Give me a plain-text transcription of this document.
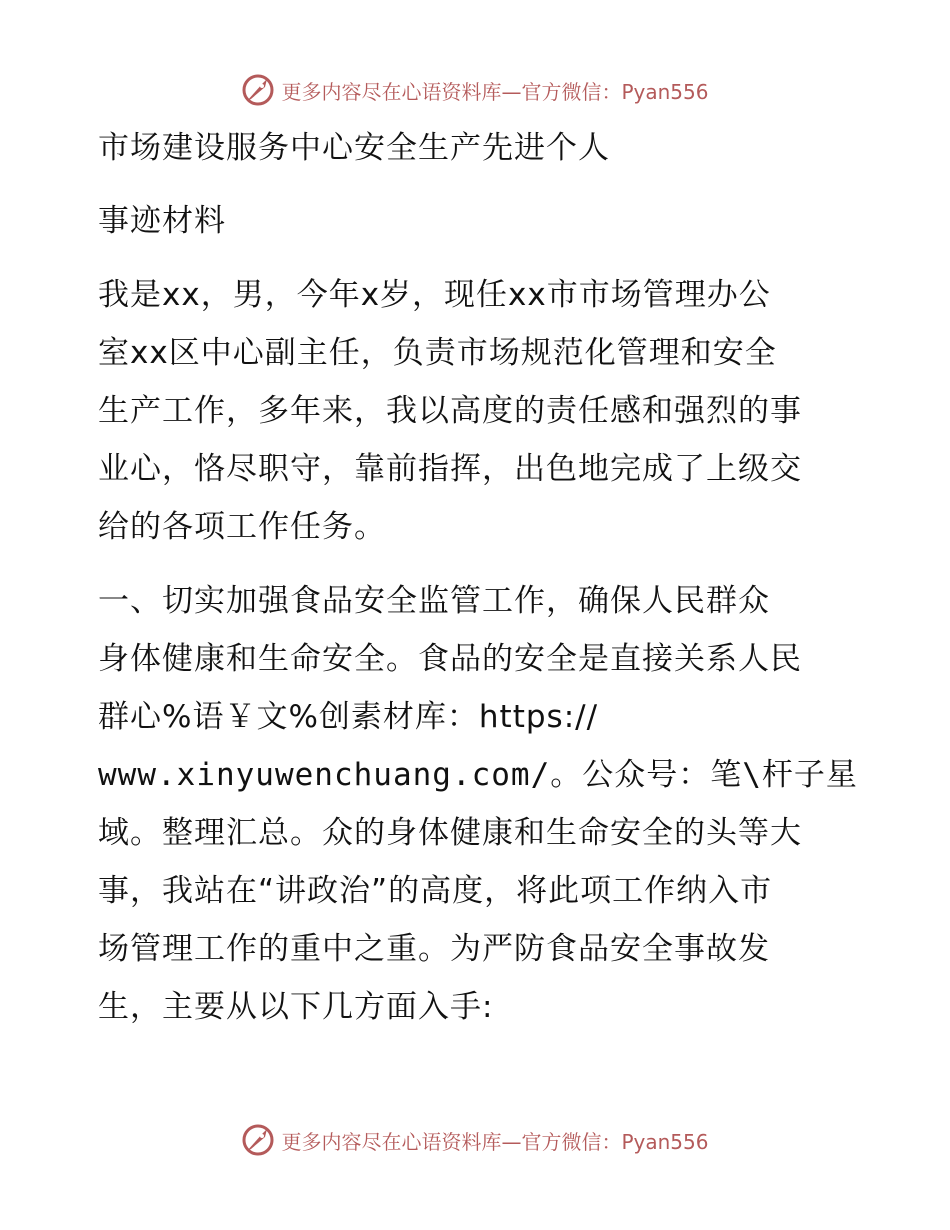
更多内容尽在心语资料库—官方微信：Pyan556
市场建设服务中心安全生产先进个人
事迹材料
我是xx，男，今年x岁，现任xx市市场管理办公
室xx区中心副主任，负责市场规范化管理和安全
生产工作，多年来，我以高度的责任感和强烈的事
业心，恪尽职守，靠前指挥，出色地完成了上级交
给的各项工作任务。
一、切实加强食品安全监管工作，确保人民群众
身体健康和生命安全。食品的安全是直接关系人民
群心%语￥文%创素材库：https://
www.xinyuwenchuang.com/。公众号：笔\杆子星
域。整理汇总。众的身体健康和生命安全的头等大
事，我站在“讲政治”的高度，将此项工作纳入市
场管理工作的重中之重。为严防食品安全事故发
生，主要从以下几方面入手:
更多内容尽在心语资料库—官方微信：Pyan556
